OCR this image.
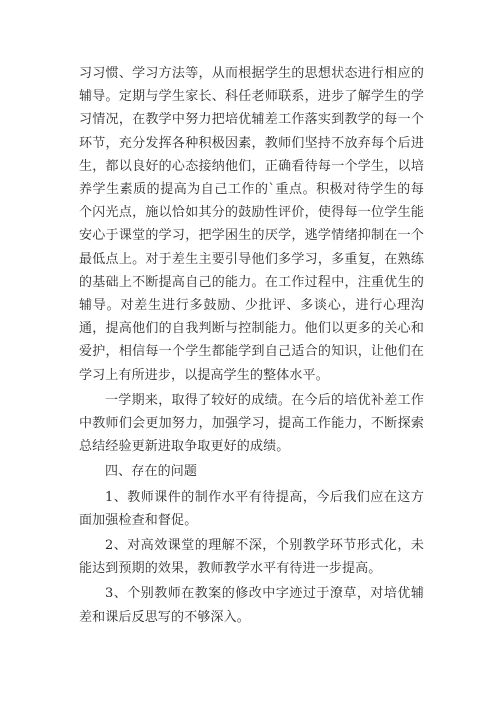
习习惯、学习方法等，从而根据学生的思想状态进行相应的辅导。定期与学生家长、科任老师联系，进步了解学生的学习情况，在教学中努力把培优辅差工作落实到教学的每一个环节，充分发挥各种积极因素，教师们坚持不放弃每个后进生，都以良好的心态接纳他们，正确看待每一个学生，以培养学生素质的提高为自己工作的`重点。积极对待学生的每个闪光点，施以恰如其分的鼓励性评价，使得每一位学生能安心于课堂的学习，把学困生的厌学，逃学情绪抑制在一个最低点上。对于差生主要引导他们多学习，多重复，在熟练的基础上不断提高自己的能力。在工作过程中，注重优生的辅导。对差生进行多鼓励、少批评、多谈心，进行心理沟通，提高他们的自我判断与控制能力。他们以更多的关心和爱护，相信每一个学生都能学到自己适合的知识，让他们在学习上有所进步，以提高学生的整体水平。

一学期来，取得了较好的成绩。在今后的培优补差工作中教师们会更加努力，加强学习，提高工作能力，不断探索总结经验更新进取争取更好的成绩。

四、存在的问题

1、教师课件的制作水平有待提高，今后我们应在这方面加强检查和督促。

2、对高效课堂的理解不深，个别教学环节形式化，未能达到预期的效果，教师教学水平有待进一步提高。

3、个别教师在教案的修改中字迹过于潦草，对培优辅差和课后反思写的不够深入。
